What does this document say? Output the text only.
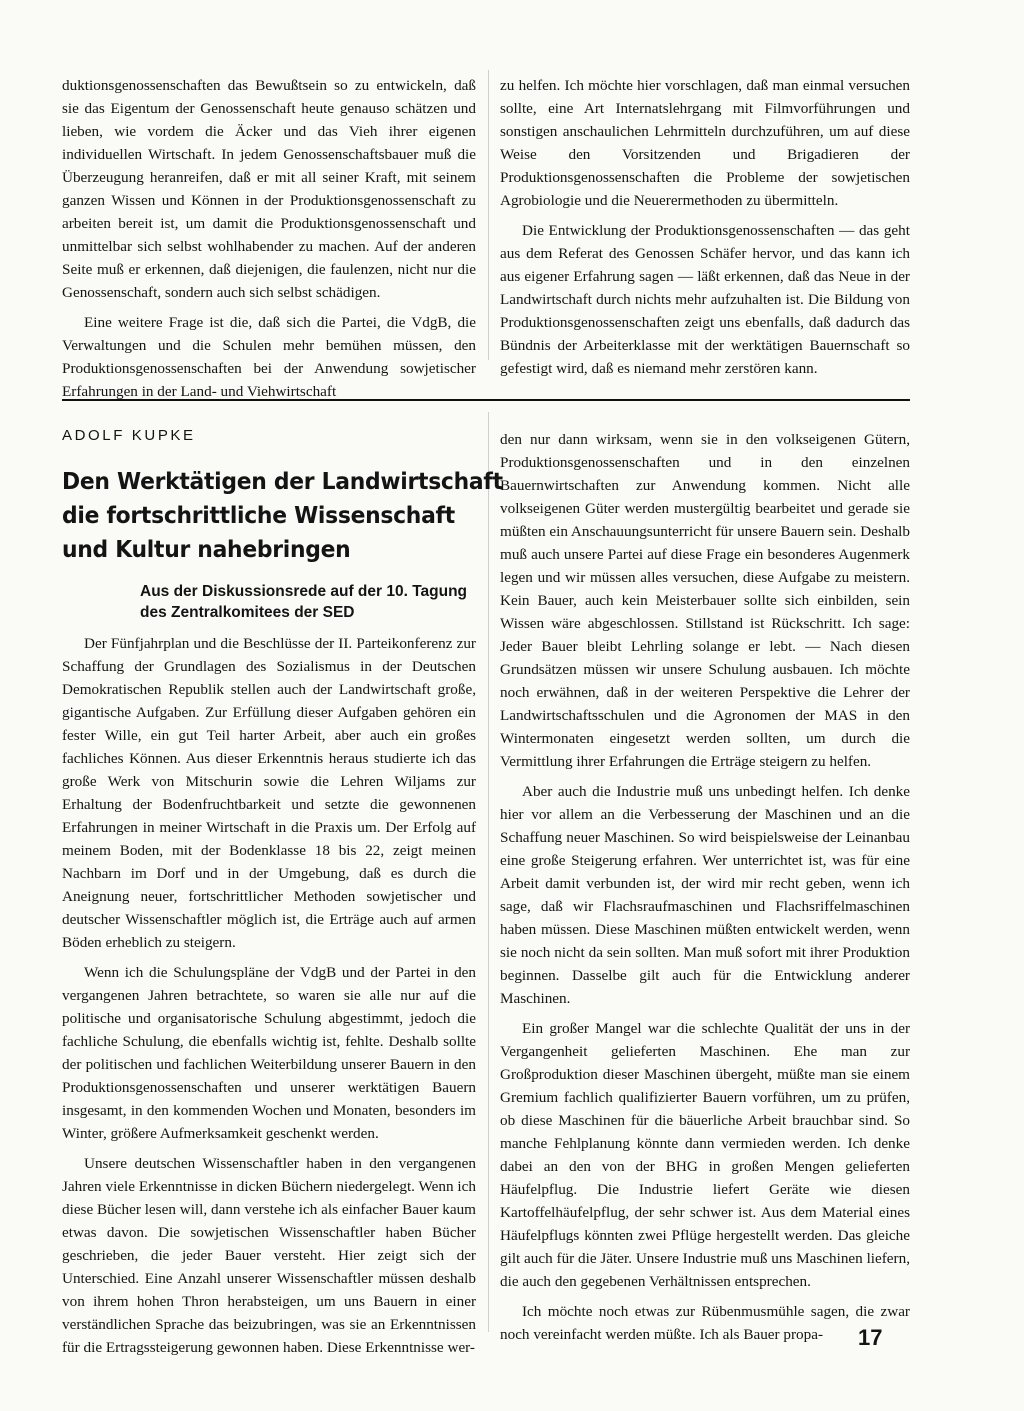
duktionsgenossenschaften das Bewußtsein so zu entwickeln, daß sie das Eigentum der Genossenschaft heute genauso schätzen und lieben, wie vordem die Äcker und das Vieh ihrer eigenen individuellen Wirtschaft. In jedem Genossenschaftsbauer muß die Überzeugung heranreifen, daß er mit all seiner Kraft, mit seinem ganzen Wissen und Können in der Produktionsgenossenschaft zu arbeiten bereit ist, um damit die Produktionsgenossenschaft und unmittelbar sich selbst wohlhabender zu machen. Auf der anderen Seite muß er erkennen, daß diejenigen, die faulenzen, nicht nur die Genossenschaft, sondern auch sich selbst schädigen.

Eine weitere Frage ist die, daß sich die Partei, die VdgB, die Verwaltungen und die Schulen mehr bemühen müssen, den Produktionsgenossenschaften bei der Anwendung sowjetischer Erfahrungen in der Land- und Viehwirtschaft

zu helfen. Ich möchte hier vorschlagen, daß man einmal versuchen sollte, eine Art Internatslehrgang mit Filmvorführungen und sonstigen anschaulichen Lehrmitteln durchzuführen, um auf diese Weise den Vorsitzenden und Brigadieren der Produktionsgenossenschaften die Probleme der sowjetischen Agrobiologie und die Neuerermethoden zu übermitteln.

Die Entwicklung der Produktionsgenossenschaften — das geht aus dem Referat des Genossen Schäfer hervor, und das kann ich aus eigener Erfahrung sagen — läßt erkennen, daß das Neue in der Landwirtschaft durch nichts mehr aufzuhalten ist. Die Bildung von Produktionsgenossenschaften zeigt uns ebenfalls, daß dadurch das Bündnis der Arbeiterklasse mit der werktätigen Bauernschaft so gefestigt wird, daß es niemand mehr zerstören kann.

ADOLF KUPKE
Den Werktätigen der Landwirtschaft
die fortschrittliche Wissenschaft
und Kultur nahebringen
Aus der Diskussionsrede auf der 10. Tagung
des Zentralkomitees der SED

Der Fünfjahrplan und die Beschlüsse der II. Parteikonferenz zur Schaffung der Grundlagen des Sozialismus in der Deutschen Demokratischen Republik stellen auch der Landwirtschaft große, gigantische Aufgaben. Zur Erfüllung dieser Aufgaben gehören ein fester Wille, ein gut Teil harter Arbeit, aber auch ein großes fachliches Können. Aus dieser Erkenntnis heraus studierte ich das große Werk von Mitschurin sowie die Lehren Wiljams zur Erhaltung der Bodenfruchtbarkeit und setzte die gewonnenen Erfahrungen in meiner Wirtschaft in die Praxis um. Der Erfolg auf meinem Boden, mit der Bodenklasse 18 bis 22, zeigt meinen Nachbarn im Dorf und in der Umgebung, daß es durch die Aneignung neuer, fortschrittlicher Methoden sowjetischer und deutscher Wissenschaftler möglich ist, die Erträge auch auf armen Böden erheblich zu steigern.

Wenn ich die Schulungspläne der VdgB und der Partei in den vergangenen Jahren betrachtete, so waren sie alle nur auf die politische und organisatorische Schulung abgestimmt, jedoch die fachliche Schulung, die ebenfalls wichtig ist, fehlte. Deshalb sollte der politischen und fachlichen Weiterbildung unserer Bauern in den Produktionsgenossenschaften und unserer werktätigen Bauern insgesamt, in den kommenden Wochen und Monaten, besonders im Winter, größere Aufmerksamkeit geschenkt werden.

Unsere deutschen Wissenschaftler haben in den vergangenen Jahren viele Erkenntnisse in dicken Büchern niedergelegt. Wenn ich diese Bücher lesen will, dann verstehe ich als einfacher Bauer kaum etwas davon. Die sowjetischen Wissenschaftler haben Bücher geschrieben, die jeder Bauer versteht. Hier zeigt sich der Unterschied. Eine Anzahl unserer Wissenschaftler müssen deshalb von ihrem hohen Thron herabsteigen, um uns Bauern in einer verständlichen Sprache das beizubringen, was sie an Erkenntnissen für die Ertragssteigerung gewonnen haben. Diese Erkenntnisse wer-

den nur dann wirksam, wenn sie in den volkseigenen Gütern, Produktionsgenossenschaften und in den einzelnen Bauernwirtschaften zur Anwendung kommen. Nicht alle volkseigenen Güter werden mustergültig bearbeitet und gerade sie müßten ein Anschauungsunterricht für unsere Bauern sein. Deshalb muß auch unsere Partei auf diese Frage ein besonderes Augenmerk legen und wir müssen alles versuchen, diese Aufgabe zu meistern. Kein Bauer, auch kein Meisterbauer sollte sich einbilden, sein Wissen wäre abgeschlossen. Stillstand ist Rückschritt. Ich sage: Jeder Bauer bleibt Lehrling solange er lebt. — Nach diesen Grundsätzen müssen wir unsere Schulung ausbauen. Ich möchte noch erwähnen, daß in der weiteren Perspektive die Lehrer der Landwirtschaftsschulen und die Agronomen der MAS in den Wintermonaten eingesetzt werden sollten, um durch die Vermittlung ihrer Erfahrungen die Erträge steigern zu helfen.

Aber auch die Industrie muß uns unbedingt helfen. Ich denke hier vor allem an die Verbesserung der Maschinen und an die Schaffung neuer Maschinen. So wird beispielsweise der Leinanbau eine große Steigerung erfahren. Wer unterrichtet ist, was für eine Arbeit damit verbunden ist, der wird mir recht geben, wenn ich sage, daß wir Flachsraufmaschinen und Flachsriffelmaschinen haben müssen. Diese Maschinen müßten entwickelt werden, wenn sie noch nicht da sein sollten. Man muß sofort mit ihrer Produktion beginnen. Dasselbe gilt auch für die Entwicklung anderer Maschinen.

Ein großer Mangel war die schlechte Qualität der uns in der Vergangenheit gelieferten Maschinen. Ehe man zur Großproduktion dieser Maschinen übergeht, müßte man sie einem Gremium fachlich qualifizierter Bauern vorführen, um zu prüfen, ob diese Maschinen für die bäuerliche Arbeit brauchbar sind. So manche Fehlplanung könnte dann vermieden werden. Ich denke dabei an den von der BHG in großen Mengen gelieferten Häufelpflug. Die Industrie liefert Geräte wie diesen Kartoffelhäufelpflug, der sehr schwer ist. Aus dem Material eines Häufelpflugs könnten zwei Pflüge hergestellt werden. Das gleiche gilt auch für die Jäter. Unsere Industrie muß uns Maschinen liefern, die auch den gegebenen Verhältnissen entsprechen.

Ich möchte noch etwas zur Rübenmusmühle sagen, die zwar noch vereinfacht werden müßte. Ich als Bauer propa-	17
